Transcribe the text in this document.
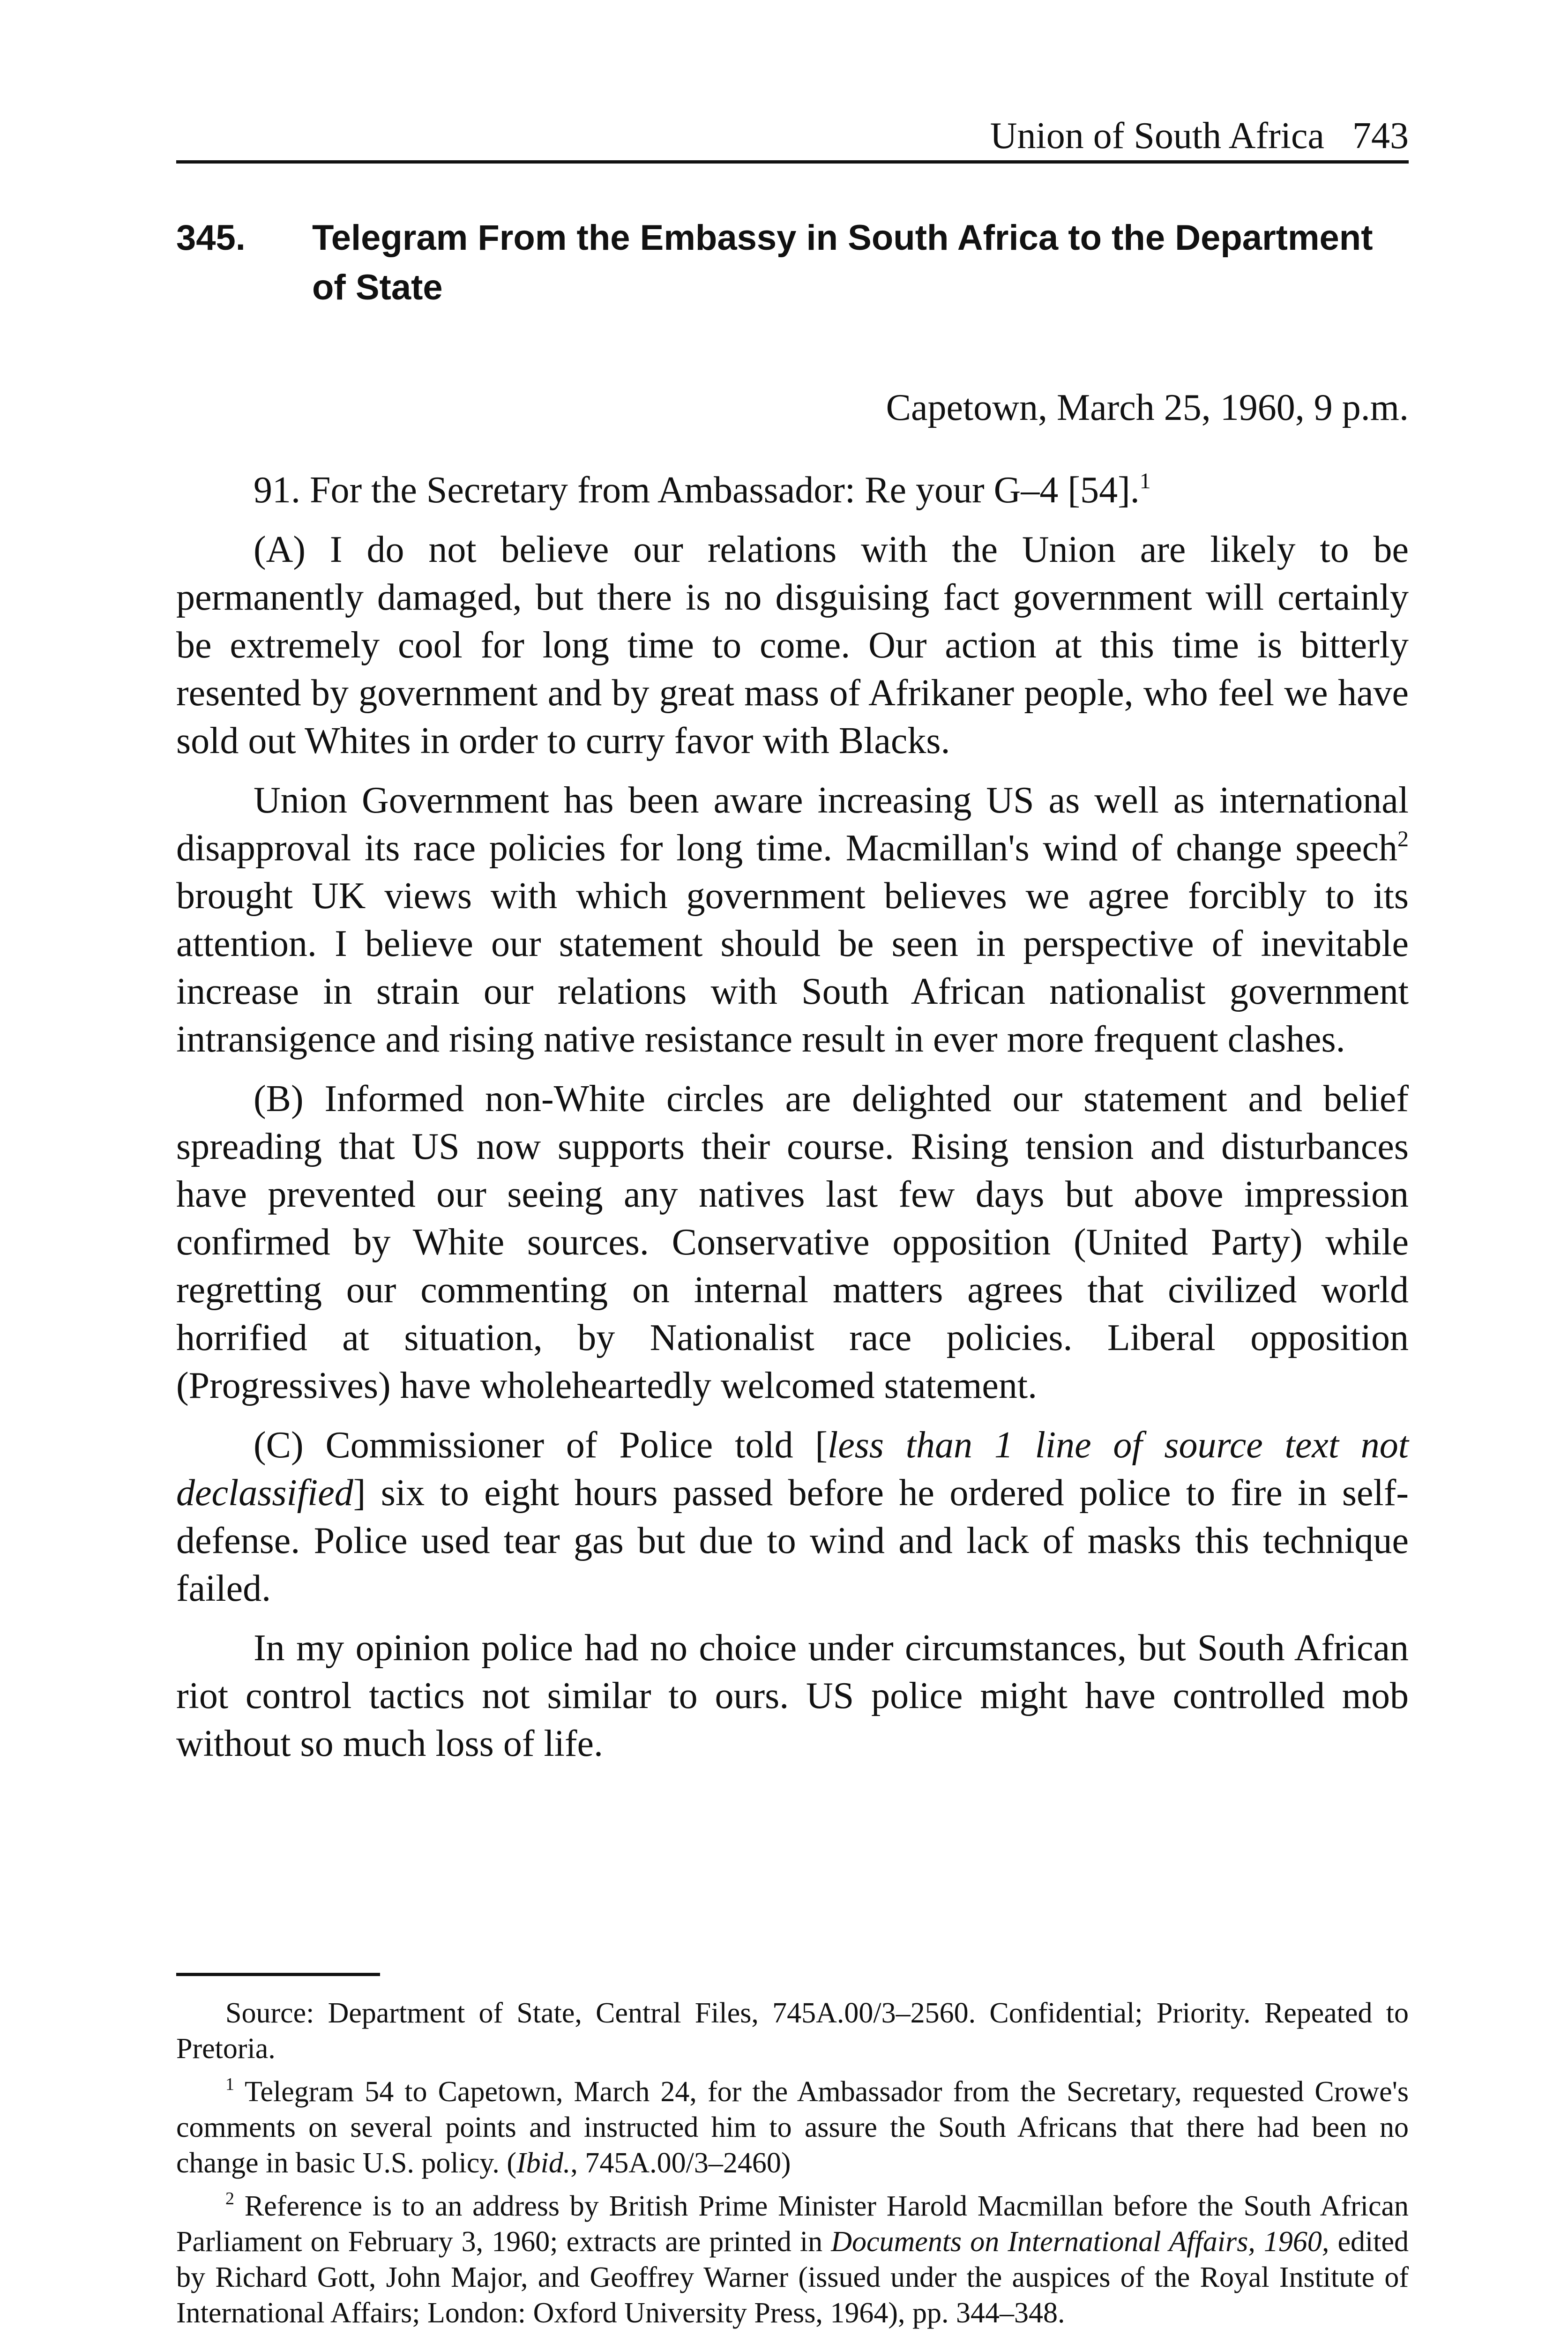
Union of South Africa 743
345. Telegram From the Embassy in South Africa to the Department of State
Capetown, March 25, 1960, 9 p.m.

91. For the Secretary from Ambassador: Re your G–4 [54].$^1$

(A) I do not believe our relations with the Union are likely to be permanently damaged, but there is no disguising fact government will certainly be extremely cool for long time to come. Our action at this time is bitterly resented by government and by great mass of Afrikaner people, who feel we have sold out Whites in order to curry favor with Blacks.

Union Government has been aware increasing US as well as international disapproval its race policies for long time. Macmillan's wind of change speech$^2$ brought UK views with which government believes we agree forcibly to its attention. I believe our statement should be seen in perspective of inevitable increase in strain our relations with South African nationalist government intransigence and rising native resistance result in ever more frequent clashes.

(B) Informed non-White circles are delighted our statement and belief spreading that US now supports their course. Rising tension and disturbances have prevented our seeing any natives last few days but above impression confirmed by White sources. Conservative opposition (United Party) while regretting our commenting on internal matters agrees that civilized world horrified at situation, by Nationalist race policies. Liberal opposition (Progressives) have wholeheartedly welcomed statement.

(C) Commissioner of Police told [less than 1 line of source text not declassified] six to eight hours passed before he ordered police to fire in self-defense. Police used tear gas but due to wind and lack of masks this technique failed.

In my opinion police had no choice under circumstances, but South African riot control tactics not similar to ours. US police might have controlled mob without so much loss of life.

Source: Department of State, Central Files, 745A.00/3–2560. Confidential; Priority. Repeated to Pretoria.

$^1$ Telegram 54 to Capetown, March 24, for the Ambassador from the Secretary, requested Crowe's comments on several points and instructed him to assure the South Africans that there had been no change in basic U.S. policy. (Ibid., 745A.00/3–2460)

$^2$ Reference is to an address by British Prime Minister Harold Macmillan before the South African Parliament on February 3, 1960; extracts are printed in Documents on International Affairs, 1960, edited by Richard Gott, John Major, and Geoffrey Warner (issued under the auspices of the Royal Institute of International Affairs; London: Oxford University Press, 1964), pp. 344–348.
